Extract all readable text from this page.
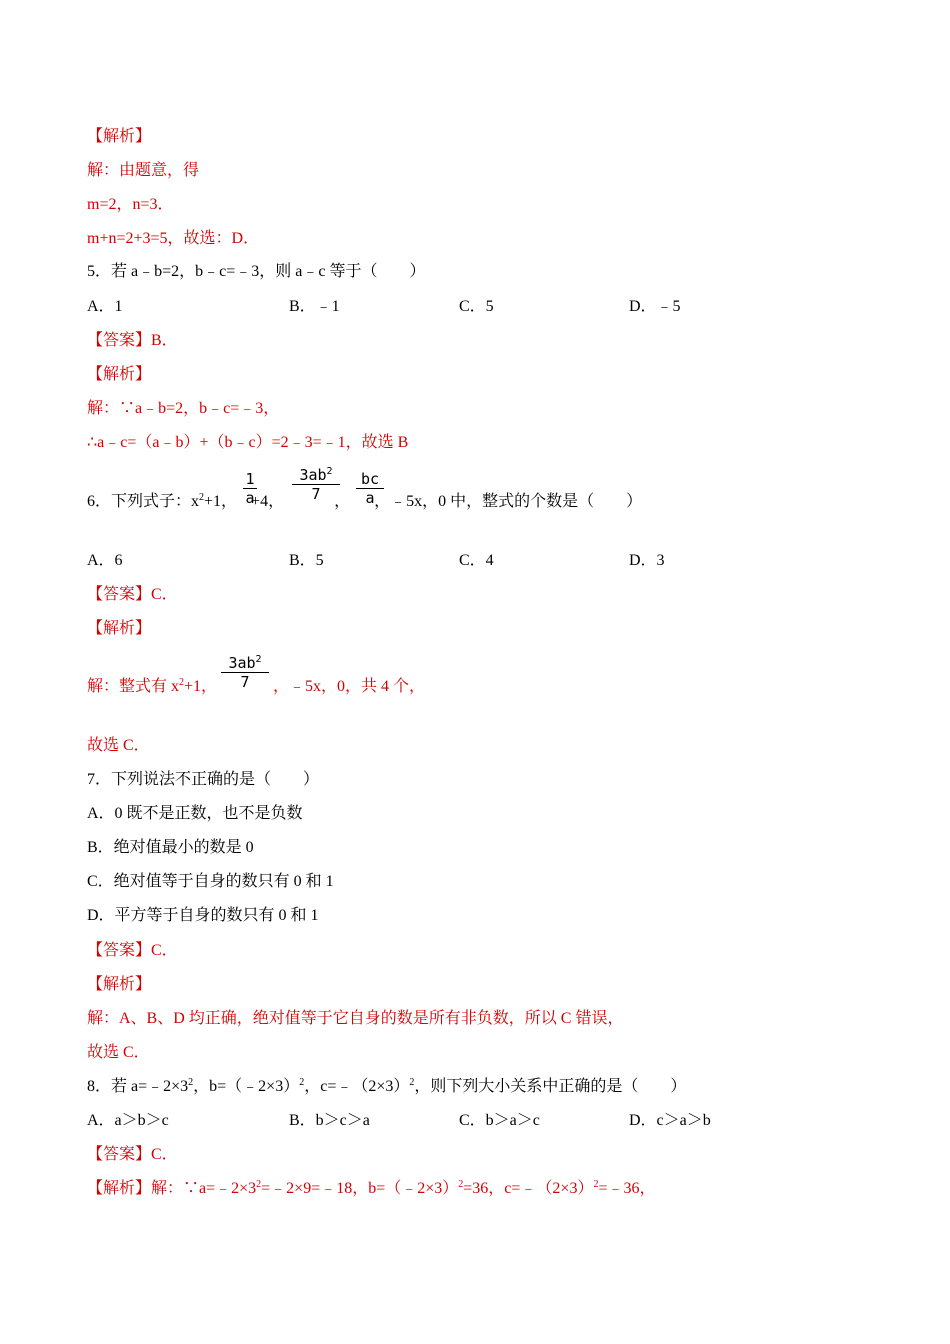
【解析】
解：由题意，得
m=2，n=3．
m+n=2+3=5，故选：D．
5．若 a﹣b=2，b﹣c=﹣3，则 a﹣c 等于（　　）
A．1	B．﹣1	C．5	D．﹣5
【答案】B．
【解析】
解：∵a﹣b=2，b﹣c=﹣3，
∴a﹣c=（a﹣b）+（b﹣c）=2﹣3=﹣1，故选 B
6．下列式子：$x^2+1$， +4，	， ，﹣5x，0 中，整式的个数是（　　）
1
a
$3ab^2$
7
bc
a
A．6	B．5	C．4	D．3
【答案】C．
【解析】
解：整式有 $x^2+1$，	，﹣5x，0，共 4 个，
$3ab^2$
7
故选 C．
7．下列说法不正确的是（　　）
A．0 既不是正数，也不是负数
B．绝对值最小的数是 0
C．绝对值等于自身的数只有 0 和 1
D．平方等于自身的数只有 0 和 1
【答案】C．
【解析】
解：A、B、D 均正确，绝对值等于它自身的数是所有非负数，所以 C 错误，
故选 C．
8．若 $a=﹣2\times 3^2$，b=（﹣2×3）$^2$，$c=﹣(2\times 3)^2$，则下列大小关系中正确的是（　　）
A．a＞b＞c	B．b＞c＞a	C．b＞a＞c	D．c＞a＞b
【答案】C．
【解析】解：$\because a=﹣2\times 3^2=﹣2\times 9=﹣18$，b=（﹣2×3）$^2$=36，$c=﹣(2\times 3)^2=﹣36$，
